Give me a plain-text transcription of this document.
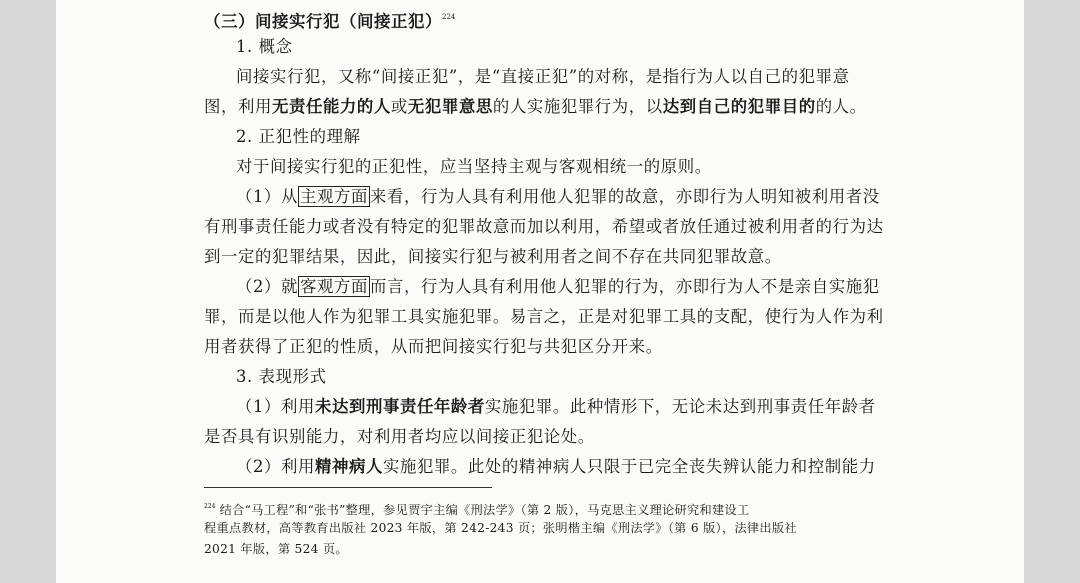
（三）间接实行犯（间接正犯）$^{224}$
1. 概念
间接实行犯，又称“间接正犯”，是“直接正犯”的对称，是指行为人以自己的犯罪意
图，利用无责任能力的人或无犯罪意思的人实施犯罪行为，以达到自己的犯罪目的的人。
2. 正犯性的理解
对于间接实行犯的正犯性，应当坚持主观与客观相统一的原则。
（1）从 主观方面 来看，行为人具有利用他人犯罪的故意，亦即行为人明知被利用者没
有刑事责任能力或者没有特定的犯罪故意而加以利用，希望或者放任通过被利用者的行为达
到一定的犯罪结果，因此，间接实行犯与被利用者之间不存在共同犯罪故意。
（2）就 客观方面 而言，行为人具有利用他人犯罪的行为，亦即行为人不是亲自实施犯
罪，而是以他人作为犯罪工具实施犯罪。易言之，正是对犯罪工具的支配，使行为人作为利
用者获得了正犯的性质，从而把间接实行犯与共犯区分开来。
3. 表现形式
（1）利用未达到刑事责任年龄者实施犯罪。此种情形下，无论未达到刑事责任年龄者
是否具有识别能力，对利用者均应以间接正犯论处。
（2）利用精神病人实施犯罪。此处的精神病人只限于已完全丧失辨认能力和控制能力
$^{224}$ 结合“马工程”和“张书”整理，参见贾宇主编《刑法学》（第 2 版），马克思主义理论研究和建设工
程重点教材，高等教育出版社 2023 年版，第 242-243 页；张明楷主编《刑法学》（第 6 版），法律出版社
2021 年版，第 524 页。
